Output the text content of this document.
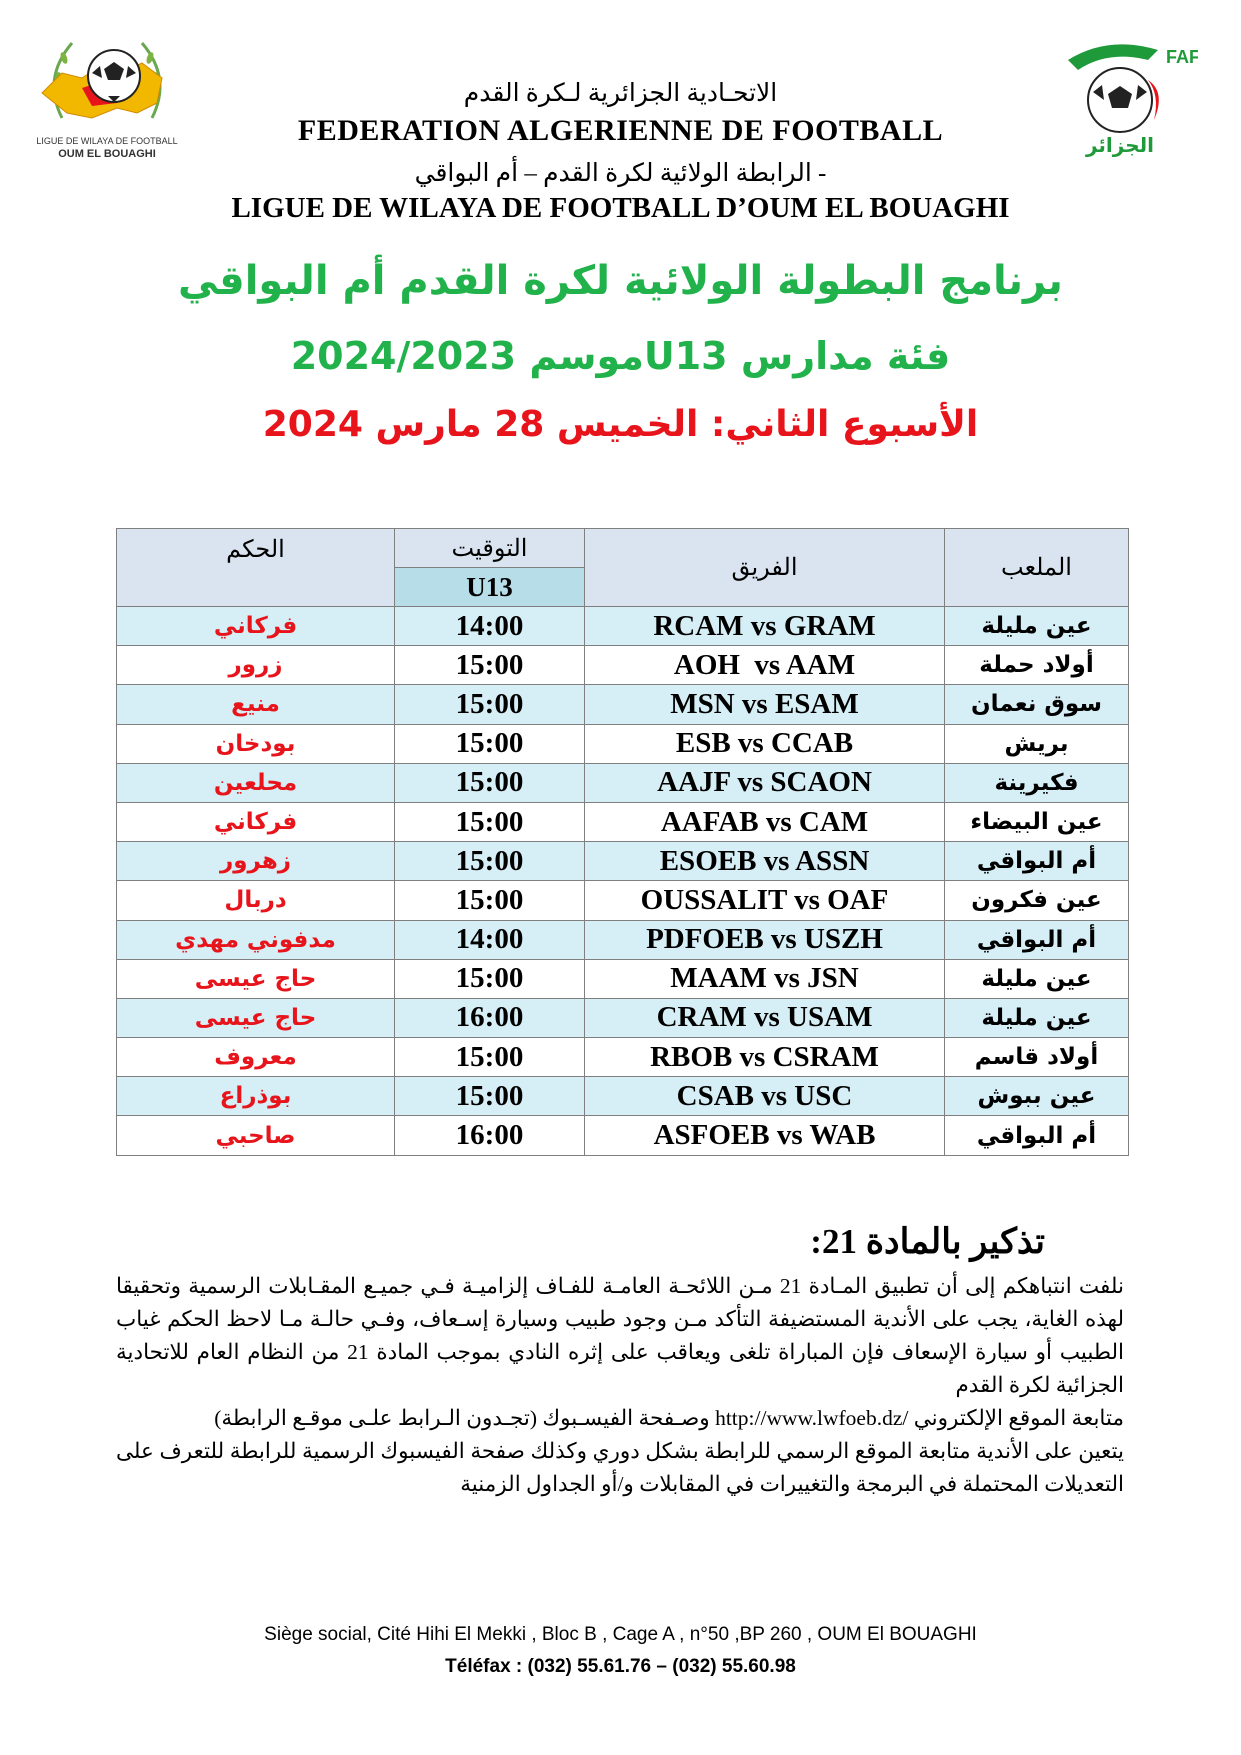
LIGUE DE WILAYA DE FOOTBALL
OUM EL BOUAGHI
FAF
الجزائر
الاتحـادية الجزائرية لـكرة القدم
FEDERATION ALGERIENNE DE FOOTBALL
الرابطة الولائية لكرة القدم – أم البواقي -
LIGUE DE WILAYA DE FOOTBALL D’OUM EL BOUAGHI
برنامج البطولة الولائية لكرة القدم أم البواقي
فئة مدارس U13موسم 2024/2023
الأسبوع الثاني: الخميس 28 مارس 2024
الحكم	التوقيت	الفريق	الملعب
	U13		
فركاني	14:00	RCAM vs GRAM	عين مليلة
زرور	15:00	AOH  vs AAM	أولاد حملة
منيع	15:00	MSN vs ESAM	سوق نعمان
بودخان	15:00	ESB vs CCAB	بريش
محلعين	15:00	AAJF vs SCAON	فكيرينة
فركاني	15:00	AAFAB vs CAM	عين البيضاء
زهرور	15:00	ESOEB vs ASSN	أم البواقي
دربال	15:00	OUSSALIT vs OAF	عين فكرون
مدفوني مهدي	14:00	PDFOEB vs USZH	أم البواقي
حاج عيسى	15:00	MAAM vs JSN	عين مليلة
حاج عيسى	16:00	CRAM vs USAM	عين مليلة
معروف	15:00	RBOB vs CSRAM	أولاد قاسم
بوذراع	15:00	CSAB vs USC	عين ببوش
صاحبي	16:00	ASFOEB vs WAB	أم البواقي
تذكير بالمادة 21:

نلفت انتباهكم إلى أن تطبيق المـادة 21 مـن اللائحـة العامـة للفـاف إلزاميـة فـي جميـع المقـابلات الرسمية وتحقيقا لهذه الغاية، يجب على الأندية المستضيفة التأكد مـن وجود طبيب وسيارة إسـعاف، وفـي حالـة مـا لاحظ الحكم غياب الطبيب أو سيارة الإسعاف فإن المباراة تلغى ويعاقب على إثره النادي بموجب المادة 21 من النظام العام للاتحادية الجزائية لكرة القدم

متابعة الموقع الإلكتروني /http://www.lwfoeb.dz وصـفحة الفيسـبوك (تجـدون الـرابط علـى موقـع الرابطة)

يتعين على الأندية متابعة الموقع الرسمي للرابطة بشكل دوري وكذلك صفحة الفيسبوك الرسمية للرابطة للتعرف على التعديلات المحتملة في البرمجة والتغييرات في المقابلات و/أو الجداول الزمنية

Siège social, Cité Hihi El Mekki , Bloc B , Cage A , n°50 ,BP 260 , OUM El BOUAGHI
Téléfax : (032) 55.61.76 – (032) 55.60.98
